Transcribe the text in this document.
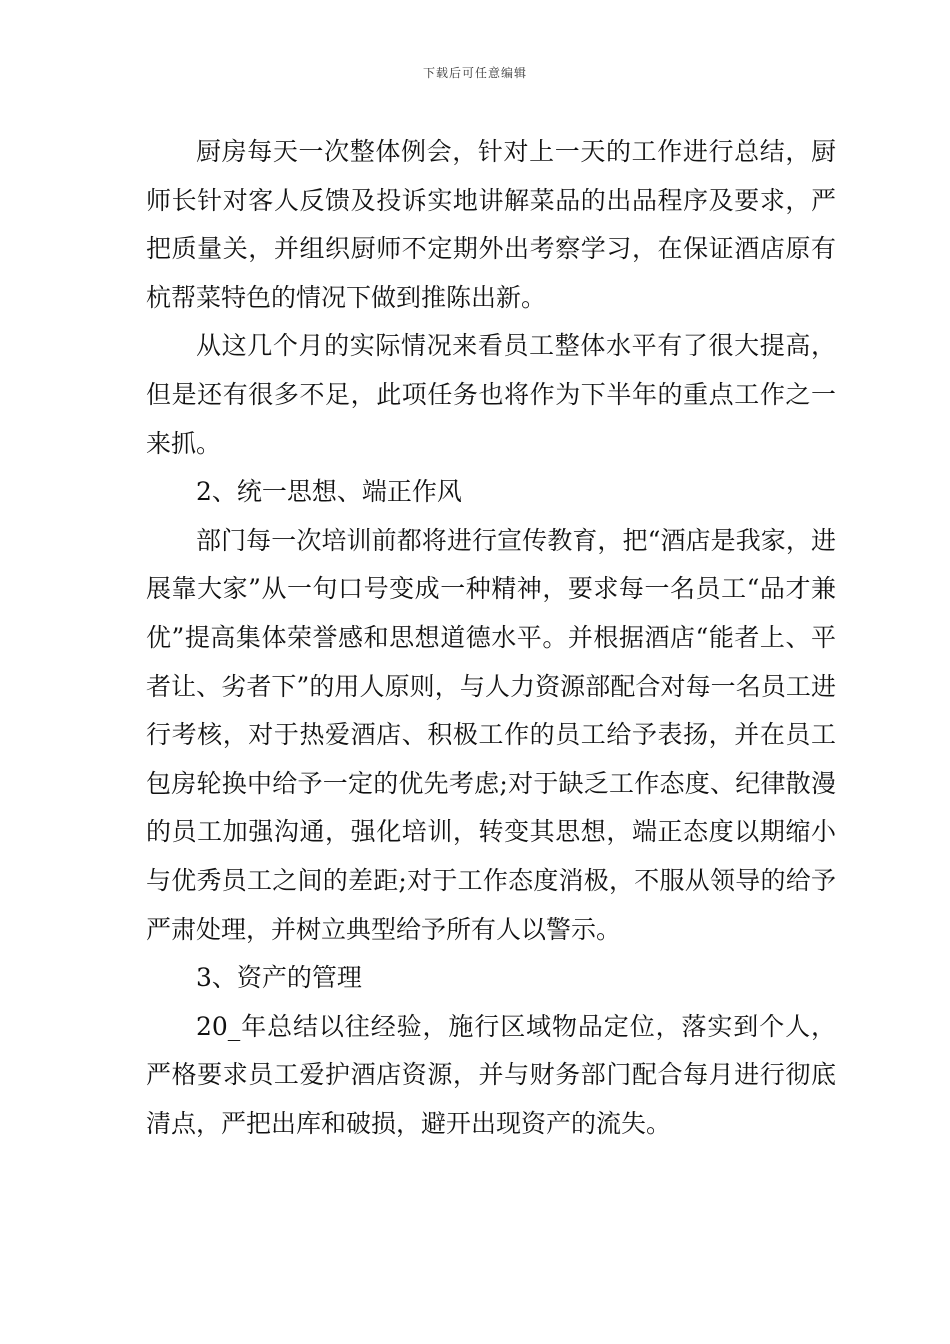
下载后可任意编辑

厨房每天一次整体例会，针对上一天的工作进行总结，厨师长针对客人反馈及投诉实地讲解菜品的出品程序及要求，严把质量关，并组织厨师不定期外出考察学习，在保证酒店原有杭帮菜特色的情况下做到推陈出新。

从这几个月的实际情况来看员工整体水平有了很大提高，但是还有很多不足，此项任务也将作为下半年的重点工作之一来抓。

2、统一思想、端正作风

部门每一次培训前都将进行宣传教育，把“酒店是我家，进展靠大家”从一句口号变成一种精神，要求每一名员工“品才兼优”提高集体荣誉感和思想道德水平。并根据酒店“能者上、平者让、劣者下”的用人原则，与人力资源部配合对每一名员工进行考核，对于热爱酒店、积极工作的员工给予表扬，并在员工包房轮换中给予一定的优先考虑;对于缺乏工作态度、纪律散漫的员工加强沟通，强化培训，转变其思想，端正态度以期缩小与优秀员工之间的差距;对于工作态度消极，不服从领导的给予严肃处理，并树立典型给予所有人以警示。

3、资产的管理

20_年总结以往经验，施行区域物品定位，落实到个人，严格要求员工爱护酒店资源，并与财务部门配合每月进行彻底清点，严把出库和破损，避开出现资产的流失。
